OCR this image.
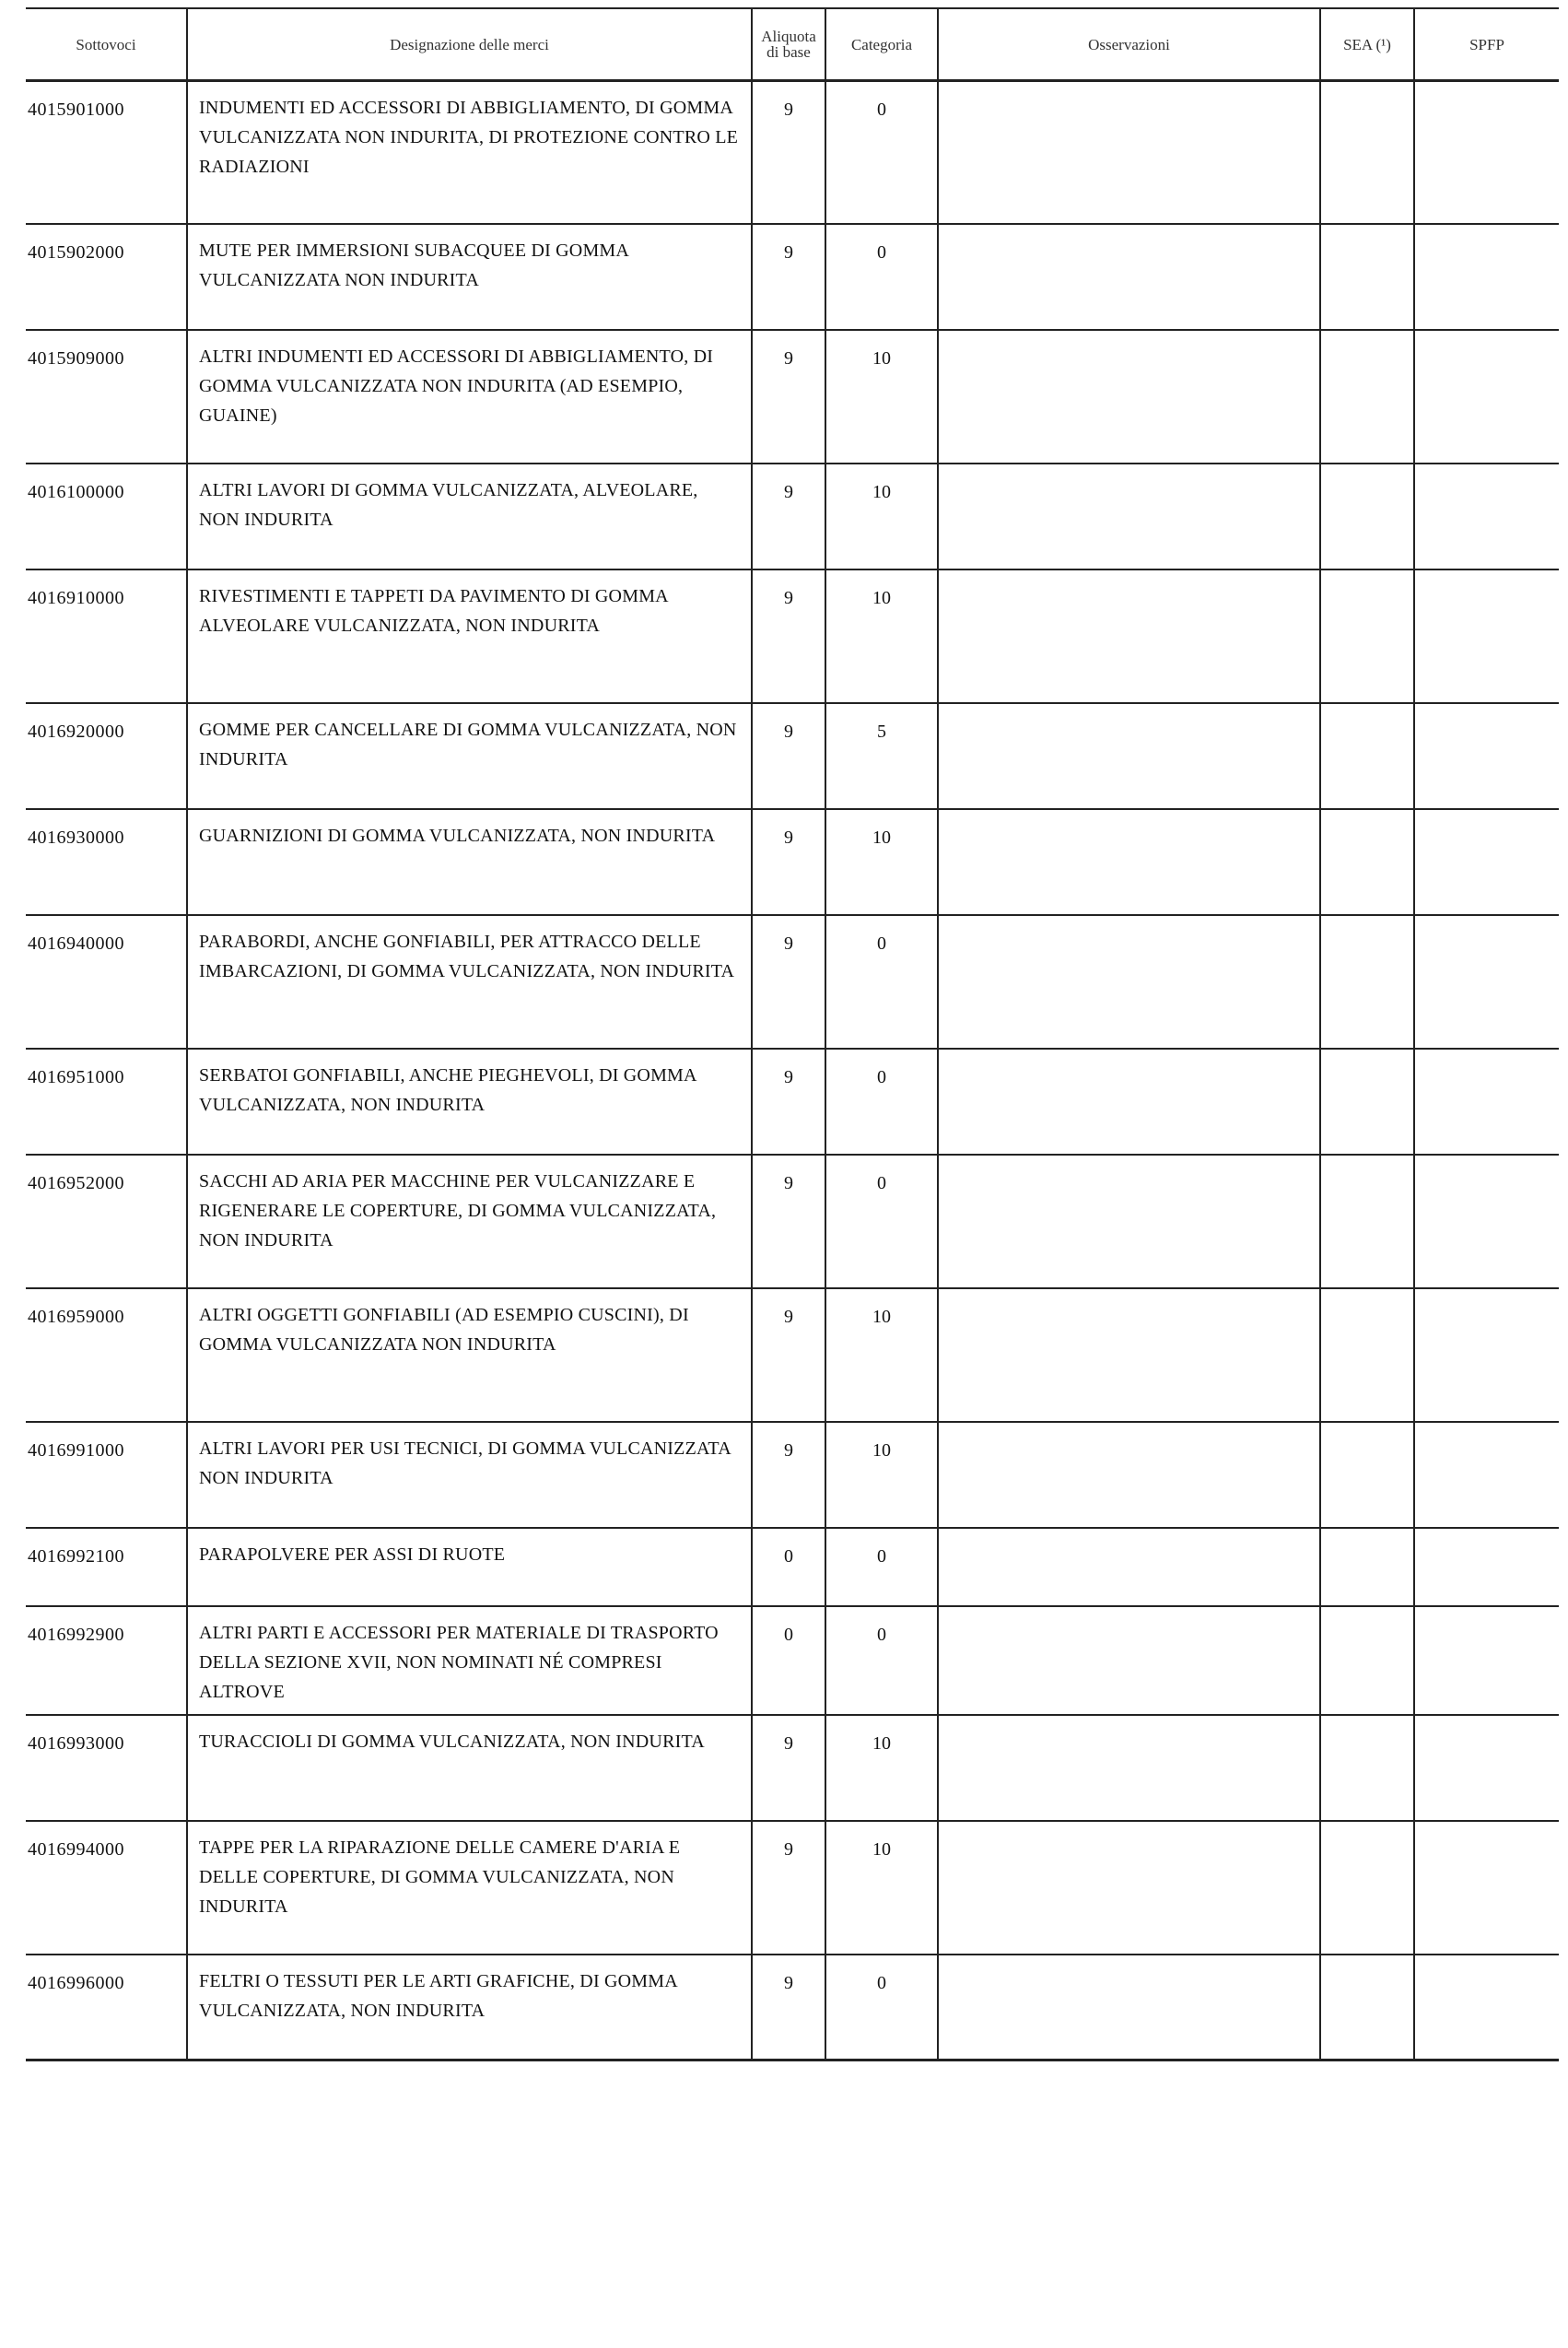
Sottovoci	Designazione delle merci	Aliquota di base	Categoria	Osservazioni	SEA (¹)	SPFP
4015901000	INDUMENTI ED ACCESSORI DI ABBIGLIAMENTO, DI GOMMA VULCANIZZATA NON INDURITA, DI PROTEZIONE CONTRO LE RADIAZIONI	9	0			
4015902000	MUTE PER IMMERSIONI SUBACQUEE DI GOMMA VULCANIZZATA NON INDURITA	9	0			
4015909000	ALTRI INDUMENTI ED ACCESSORI DI ABBIGLIAMENTO, DI GOMMA VULCANIZZATA NON INDURITA (AD ESEMPIO, GUAINE)	9	10			
4016100000	ALTRI LAVORI DI GOMMA VULCANIZZATA, ALVEOLARE, NON INDURITA	9	10			
4016910000	RIVESTIMENTI E TAPPETI DA PAVIMENTO DI GOMMA ALVEOLARE VULCANIZZATA, NON INDURITA	9	10			
4016920000	GOMME PER CANCELLARE DI GOMMA VULCANIZZATA, NON INDURITA	9	5			
4016930000	GUARNIZIONI DI GOMMA VULCANIZZATA, NON INDURITA	9	10			
4016940000	PARABORDI, ANCHE GONFIABILI, PER ATTRACCO DELLE IMBARCAZIONI, DI GOMMA VULCANIZZATA, NON INDURITA	9	0			
4016951000	SERBATOI GONFIABILI, ANCHE PIEGHEVOLI, DI GOMMA VULCANIZZATA, NON INDURITA	9	0			
4016952000	SACCHI AD ARIA PER MACCHINE PER VULCANIZZARE E RIGENERARE LE COPERTURE, DI GOMMA VULCANIZZATA, NON INDURITA	9	0			
4016959000	ALTRI OGGETTI GONFIABILI (AD ESEMPIO CUSCINI), DI GOMMA VULCANIZZATA NON INDURITA	9	10			
4016991000	ALTRI LAVORI PER USI TECNICI, DI GOMMA VULCANIZZATA NON INDURITA	9	10			
4016992100	PARAPOLVERE PER ASSI DI RUOTE	0	0			
4016992900	ALTRI PARTI E ACCESSORI PER MATERIALE DI TRASPORTO DELLA SEZIONE XVII, NON NOMINATI NÉ COMPRESI ALTROVE	0	0			
4016993000	TURACCIOLI DI GOMMA VULCANIZZATA, NON INDURITA	9	10			
4016994000	TAPPE PER LA RIPARAZIONE DELLE CAMERE D'ARIA E DELLE COPERTURE, DI GOMMA VULCANIZZATA, NON INDURITA	9	10			
4016996000	FELTRI O TESSUTI PER LE ARTI GRAFICHE, DI GOMMA VULCANIZZATA, NON INDURITA	9	0			
